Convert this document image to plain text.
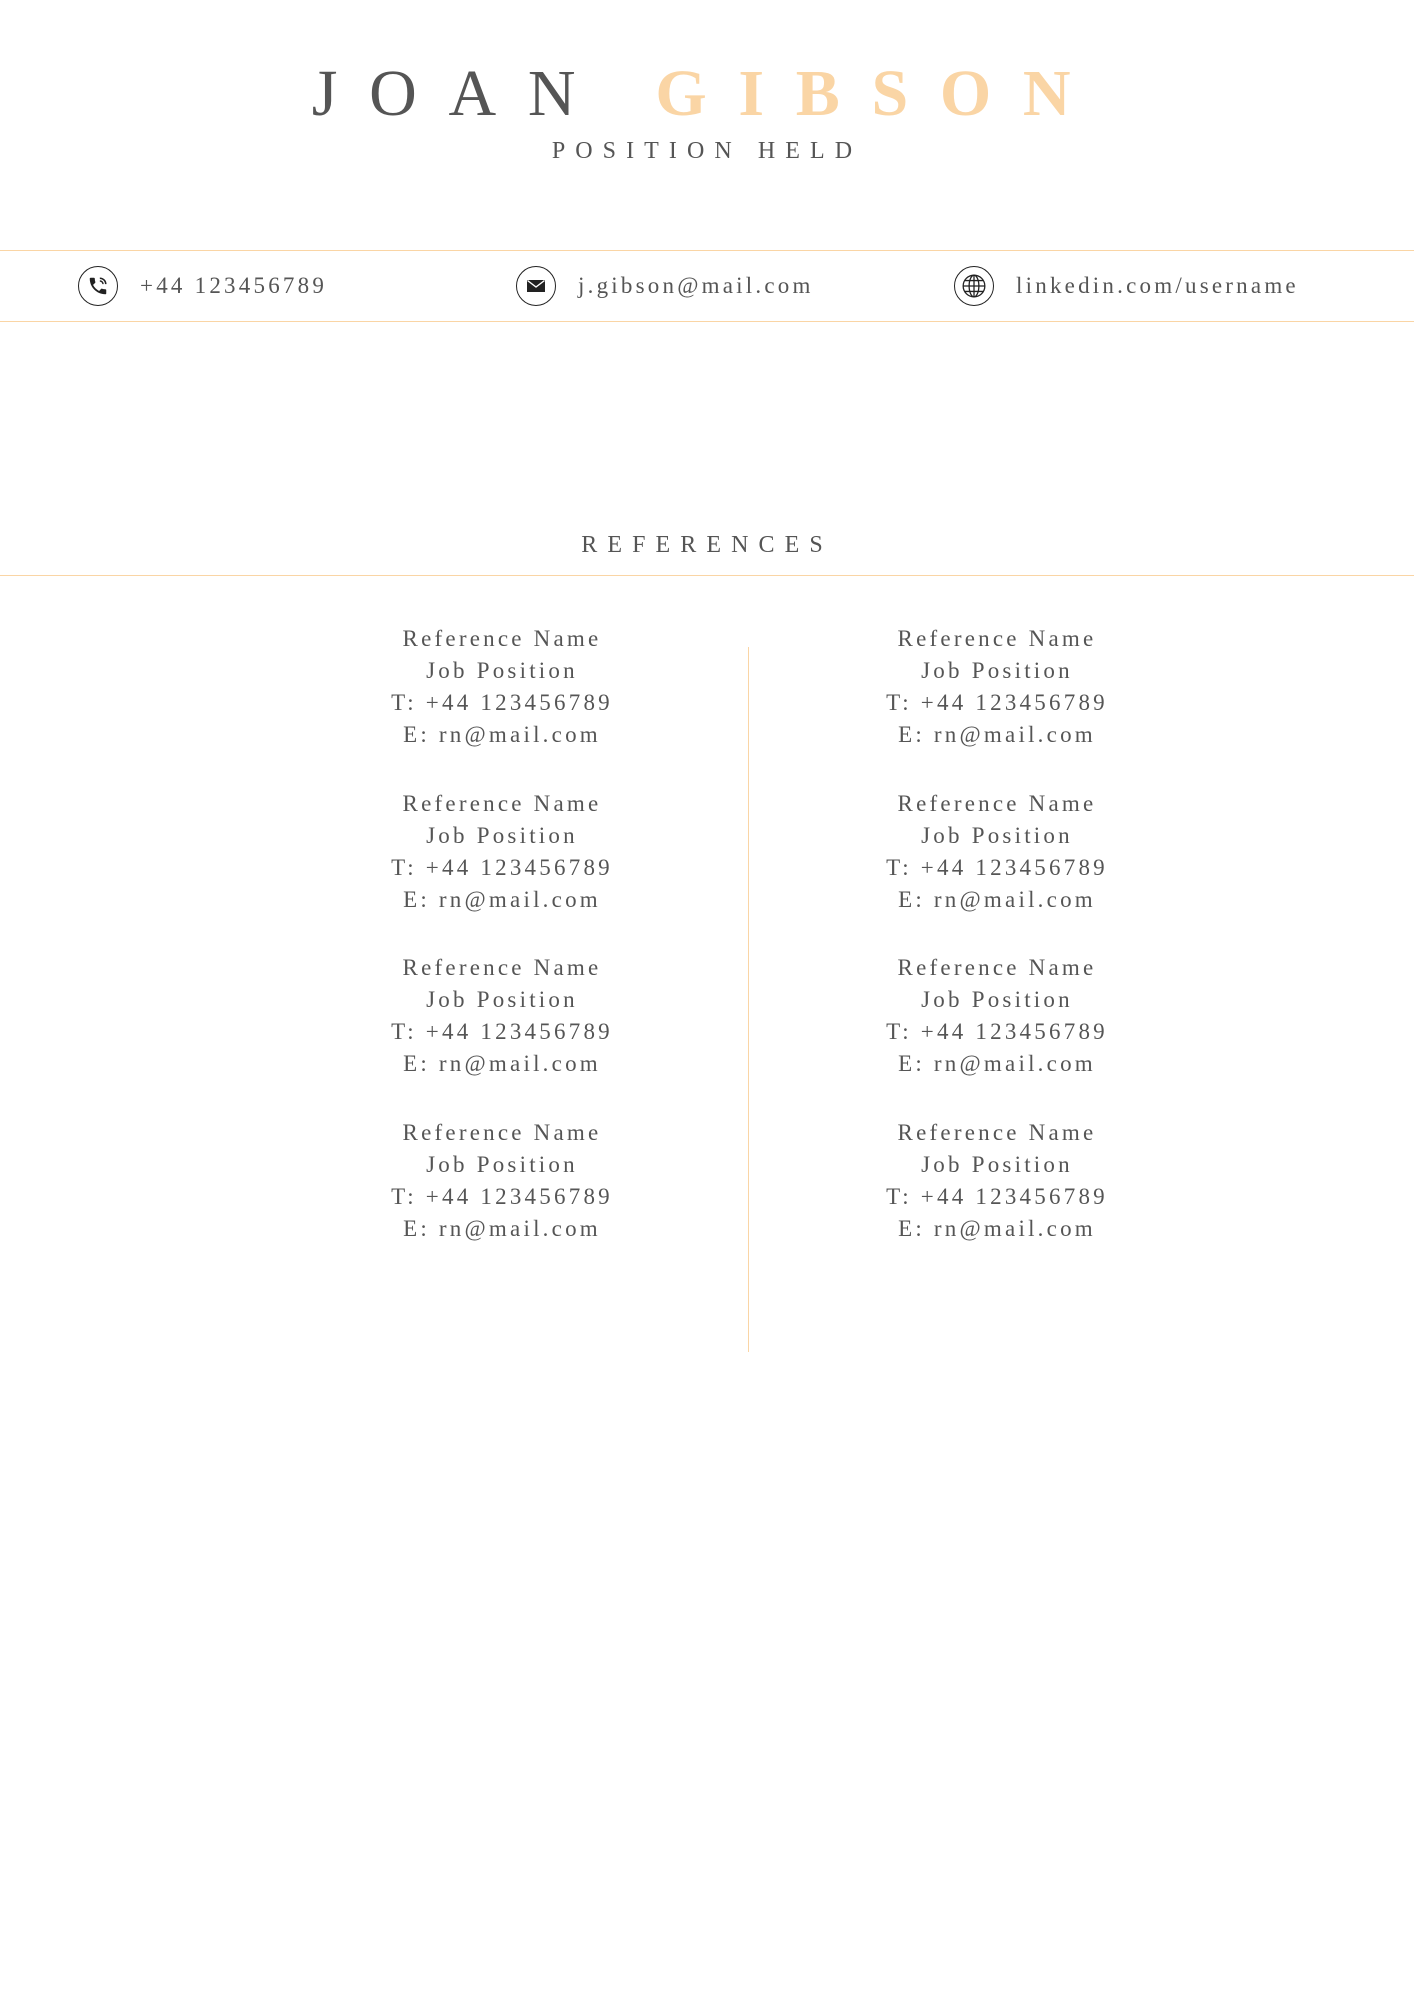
JOAN GIBSON
POSITION HELD
+44 123456789	j.gibson@mail.com	linkedin.com/username
REFERENCES
Reference Name
Job Position
T: +44 123456789
E: rn@mail.com
Reference Name
Job Position
T: +44 123456789
E: rn@mail.com
Reference Name
Job Position
T: +44 123456789
E: rn@mail.com
Reference Name
Job Position
T: +44 123456789
E: rn@mail.com
Reference Name
Job Position
T: +44 123456789
E: rn@mail.com
Reference Name
Job Position
T: +44 123456789
E: rn@mail.com
Reference Name
Job Position
T: +44 123456789
E: rn@mail.com
Reference Name
Job Position
T: +44 123456789
E: rn@mail.com
